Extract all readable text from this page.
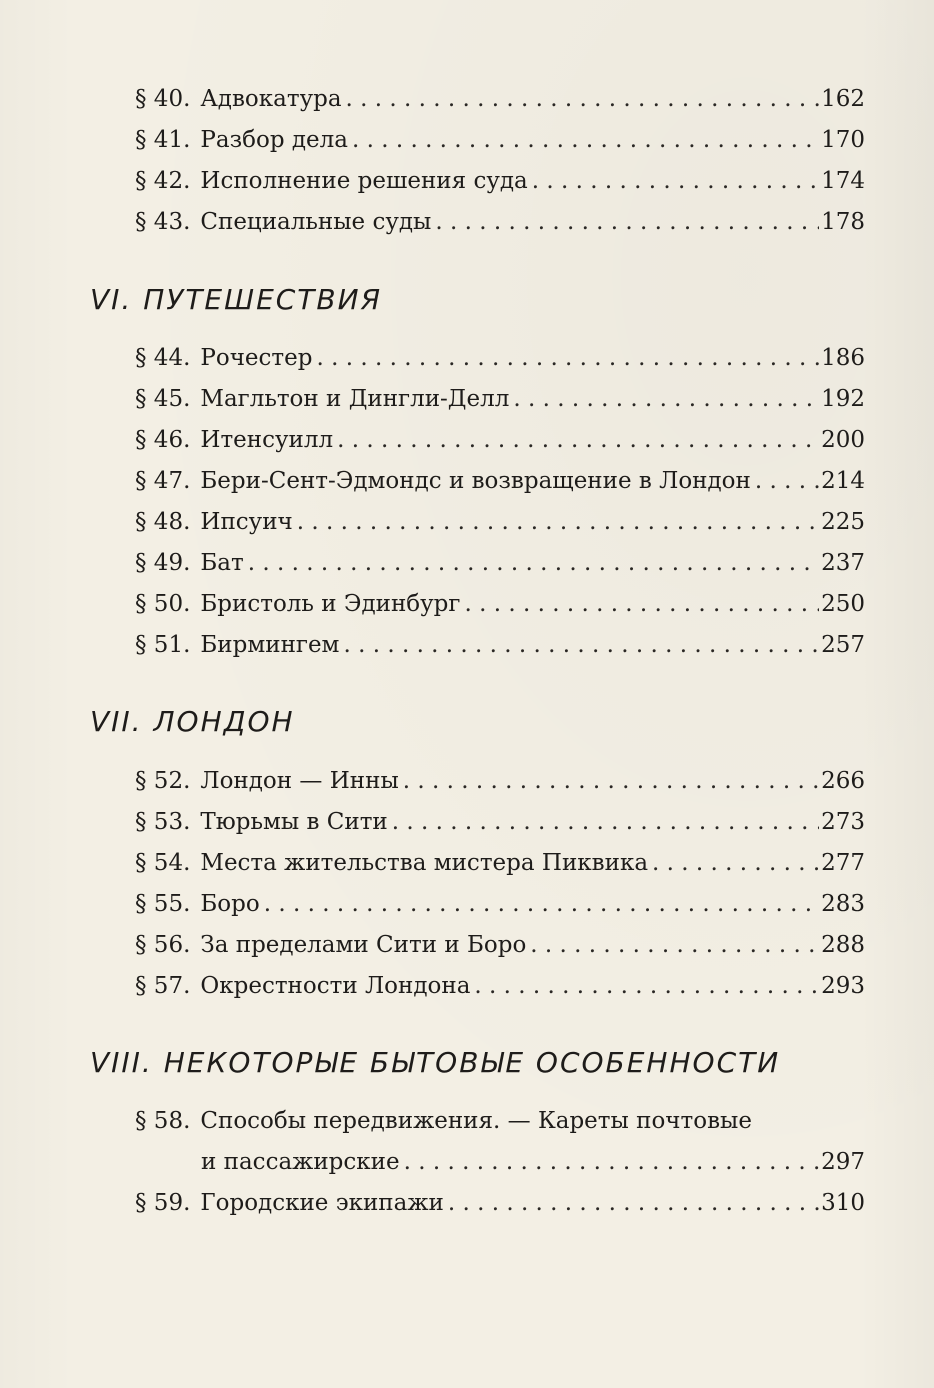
§ 40. Адвокатура . . .	162
§ 41. Разбор дела . . .	170
§ 42. Исполнение решения суда . . .	174
§ 43. Специальные суды . . .	178
VI. ПУТЕШЕСТВИЯ
§ 44. Рочестер . . .	186
§ 45. Магльтон и Дингли-Делл . . .	192
§ 46. Итенсуилл . . .	200
§ 47. Бери-Сент-Эдмондс и возвращение в Лондон . . .	214
§ 48. Ипсуич . . .	225
§ 49. Бат . . .	237
§ 50. Бристоль и Эдинбург . . .	250
§ 51. Бирмингем . . .	257
VII. ЛОНДОН
§ 52. Лондон — Инны . . .	266
§ 53. Тюрьмы в Сити . . .	273
§ 54. Места жительства мистера Пиквика . . .	277
§ 55. Боро . . .	283
§ 56. За пределами Сити и Боро . . .	288
§ 57. Окрестности Лондона . . .	293
VIII. НЕКОТОРЫЕ БЫТОВЫЕ ОСОБЕННОСТИ
§ 58. Способы передвижения. — Кареты почтовые
и пассажирские . . .	297
§ 59. Городские экипажи . . .	310
